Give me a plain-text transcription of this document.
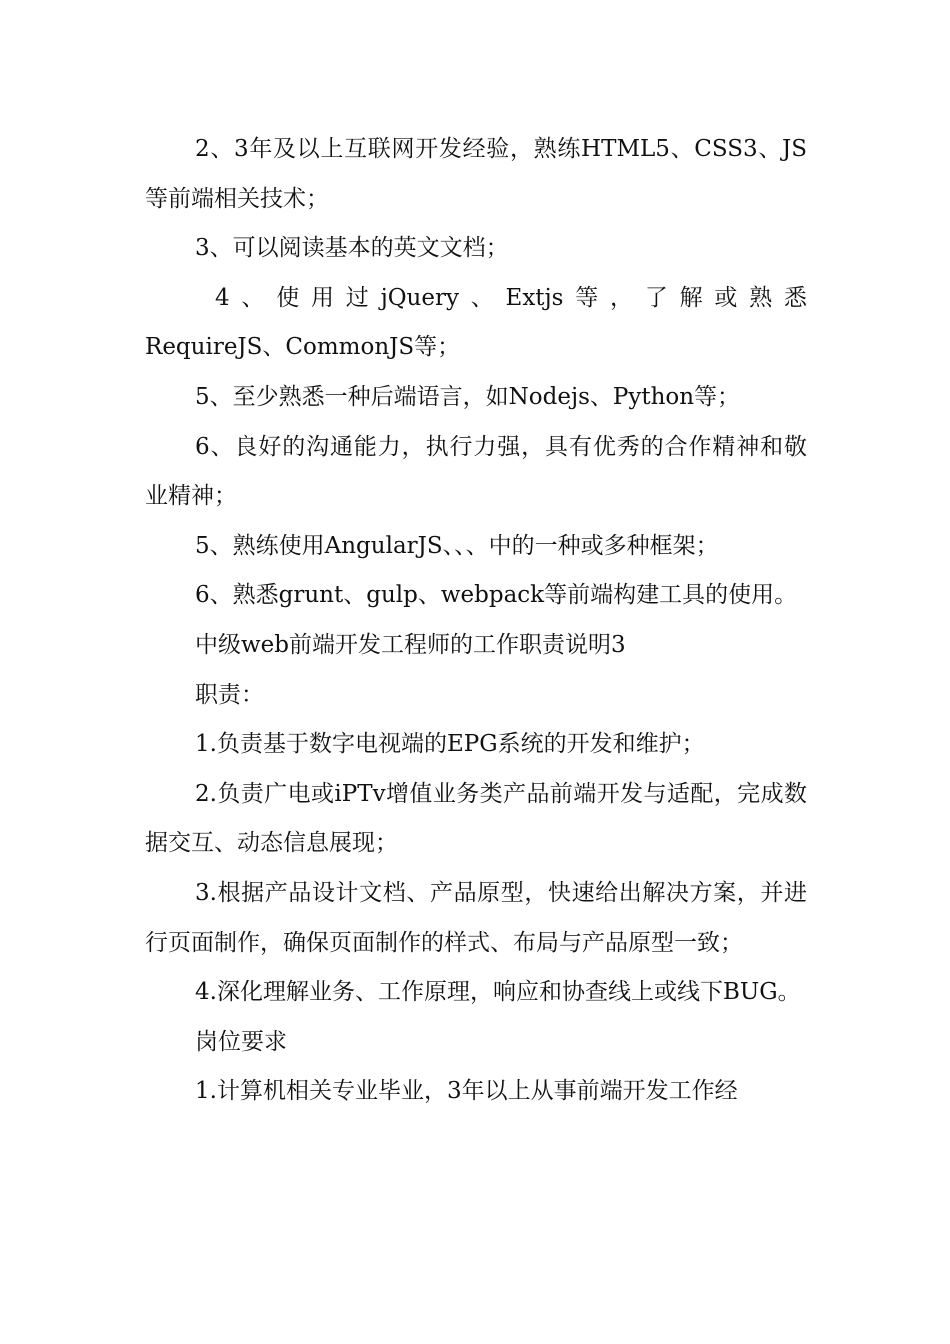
2、3年及以上互联网开发经验，熟练HTML5、CSS3、JS等前端相关技术；

3、可以阅读基本的英文文档；

4、使用过jQuery、Extjs等，了解或熟悉

RequireJS、CommonJS等；

5、至少熟悉一种后端语言，如Nodejs、Python等；

6、良好的沟通能力，执行力强，具有优秀的合作精神和敬业精神；

5、熟练使用AngularJS、、、中的一种或多种框架；

6、熟悉grunt、gulp、webpack等前端构建工具的使用。

中级web前端开发工程师的工作职责说明3

职责：

1.负责基于数字电视端的EPG系统的开发和维护；

2.负责广电或iPTv增值业务类产品前端开发与适配，完成数据交互、动态信息展现；

3.根据产品设计文档、产品原型，快速给出解决方案，并进行页面制作，确保页面制作的样式、布局与产品原型一致；

4.深化理解业务、工作原理，响应和协查线上或线下BUG。

岗位要求

1.计算机相关专业毕业，3年以上从事前端开发工作经
